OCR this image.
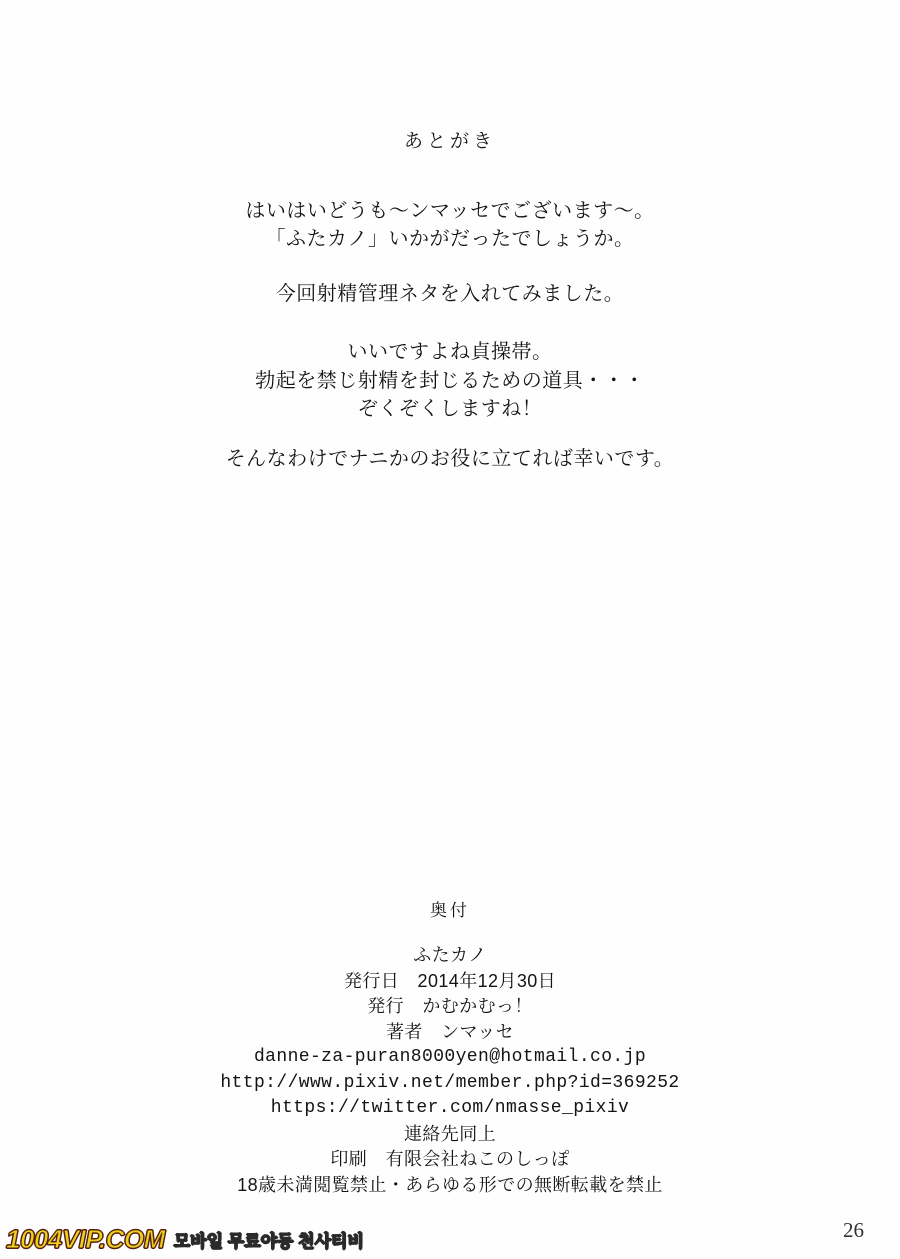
あとがき

はいはいどうも～ンマッセでございます～。

「ふたカノ」いかがだったでしょうか。

今回射精管理ネタを入れてみました。

いいですよね貞操帯。

勃起を禁じ射精を封じるための道具・・・

ぞくぞくしますね！

そんなわけでナニかのお役に立てれば幸いです。

奥付

ふたカノ

発行日　2014年12月30日

発行　かむかむっ！

著者　ンマッセ

danne-za-puran8000yen@hotmail.co.jp

http://www.pixiv.net/member.php?id=369252

https://twitter.com/nmasse_pixiv

連絡先同上

印刷　有限会社ねこのしっぽ

18歳未満閲覧禁止・あらゆる形での無断転載を禁止

26
1004VIP.COM 모바일 무료야동 천사티비
